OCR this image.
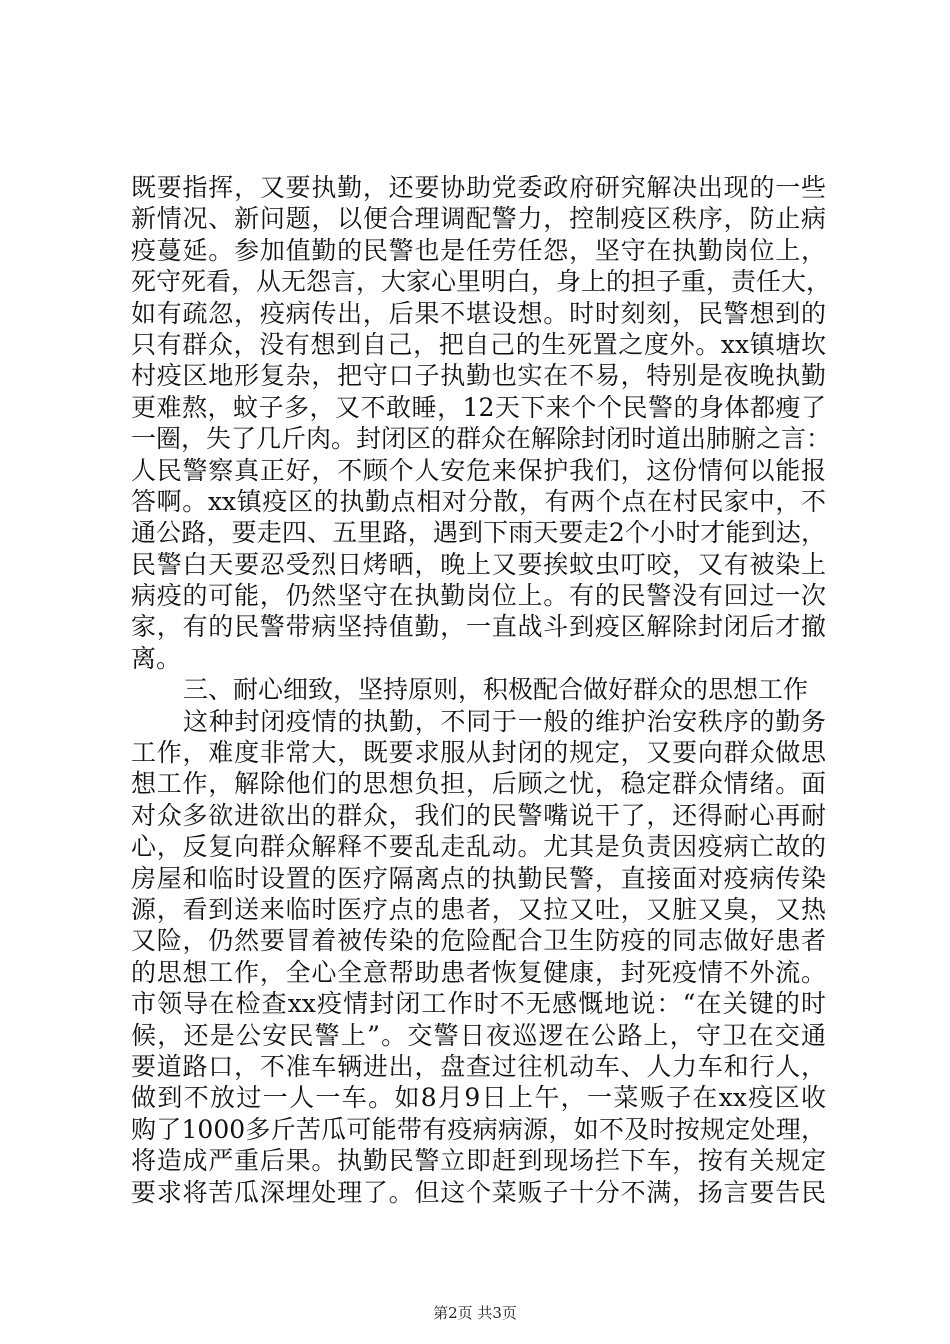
既要指挥，又要执勤，还要协助党委政府研究解决出现的一些
新情况、新问题，以便合理调配警力，控制疫区秩序，防止病
疫蔓延。参加值勤的民警也是任劳任怨，坚守在执勤岗位上，
死守死看，从无怨言，大家心里明白，身上的担子重，责任大，
如有疏忽，疫病传出，后果不堪设想。时时刻刻，民警想到的
只有群众，没有想到自己，把自己的生死置之度外。xx镇塘坎
村疫区地形复杂，把守口子执勤也实在不易，特别是夜晚执勤
更难熬，蚊子多，又不敢睡，12天下来个个民警的身体都瘦了
一圈，失了几斤肉。封闭区的群众在解除封闭时道出肺腑之言：
人民警察真正好，不顾个人安危来保护我们，这份情何以能报
答啊。xx镇疫区的执勤点相对分散，有两个点在村民家中，不
通公路，要走四、五里路，遇到下雨天要走2个小时才能到达，
民警白天要忍受烈日烤晒，晚上又要挨蚊虫叮咬，又有被染上
病疫的可能，仍然坚守在执勤岗位上。有的民警没有回过一次
家，有的民警带病坚持值勤，一直战斗到疫区解除封闭后才撤
离。
三、耐心细致，坚持原则，积极配合做好群众的思想工作
这种封闭疫情的执勤，不同于一般的维护治安秩序的勤务
工作，难度非常大，既要求服从封闭的规定，又要向群众做思
想工作，解除他们的思想负担，后顾之忧，稳定群众情绪。面
对众多欲进欲出的群众，我们的民警嘴说干了，还得耐心再耐
心，反复向群众解释不要乱走乱动。尤其是负责因疫病亡故的
房屋和临时设置的医疗隔离点的执勤民警，直接面对疫病传染
源，看到送来临时医疗点的患者，又拉又吐，又脏又臭，又热
又险，仍然要冒着被传染的危险配合卫生防疫的同志做好患者
的思想工作，全心全意帮助患者恢复健康，封死疫情不外流。
市领导在检查xx疫情封闭工作时不无感慨地说：“在关键的时
候，还是公安民警上”。交警日夜巡逻在公路上，守卫在交通
要道路口，不准车辆进出，盘查过往机动车、人力车和行人，
做到不放过一人一车。如8月9日上午，一菜贩子在xx疫区收
购了1000多斤苦瓜可能带有疫病病源，如不及时按规定处理，
将造成严重后果。执勤民警立即赶到现场拦下车，按有关规定
要求将苦瓜深埋处理了。但这个菜贩子十分不满，扬言要告民
第2页 共3页
